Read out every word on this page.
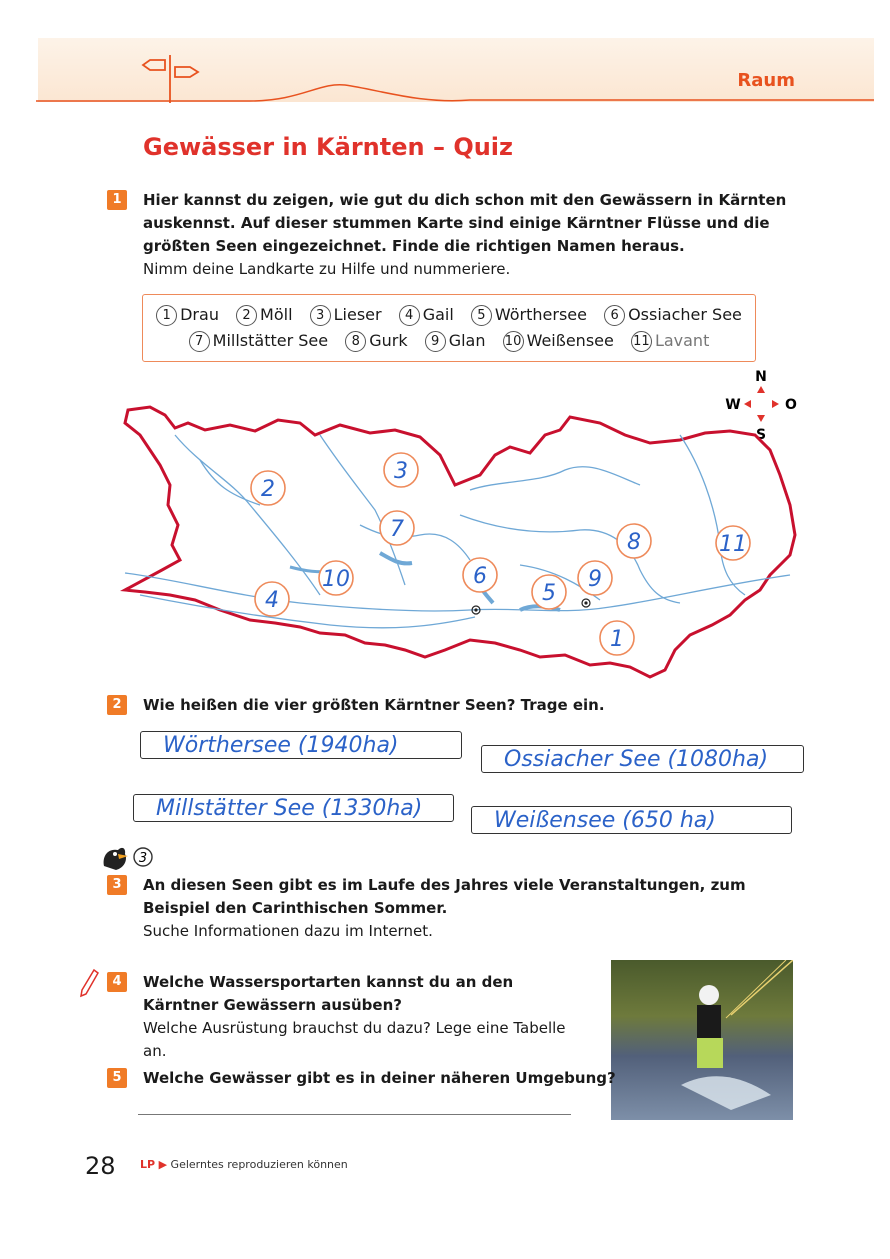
Raum
Gewässer in Kärnten – Quiz
1	Hier kannst du zeigen, wie gut du dich schon mit den Gewässern in Kärnten auskennst. Auf dieser stummen Karte sind einige Kärntner Flüsse und die größten Seen eingezeichnet. Finde die richtigen Namen heraus.
Nimm deine Landkarte zu Hilfe und nummeriere.
1 Drau 2 Möll 3 Lieser 4 Gail 5 Wörthersee 6 Ossiacher See
7 Millstätter See 8 Gurk 9 Glan 10 Weißensee 11 Lavant
N
W	O
S
2
3
7
10
4
6
5
9
8	11
1
2	Wie heißen die vier größten Kärntner Seen? Trage ein.
Wörthersee (1940ha)
Ossiacher See (1080ha)
Millstätter See (1330ha)	Weißensee (650 ha)
3
3	An diesen Seen gibt es im Laufe des Jahres viele Veranstaltungen, zum Beispiel den Carinthischen Sommer.
Suche Informationen dazu im Internet.
4	Welche Wassersportarten kannst du an den Kärntner Gewässern ausüben?
Welche Ausrüstung brauchst du dazu? Lege eine Tabelle an.
5	Welche Gewässer gibt es in deiner näheren Umgebung?
28 LP ▶ Gelerntes reproduzieren können
